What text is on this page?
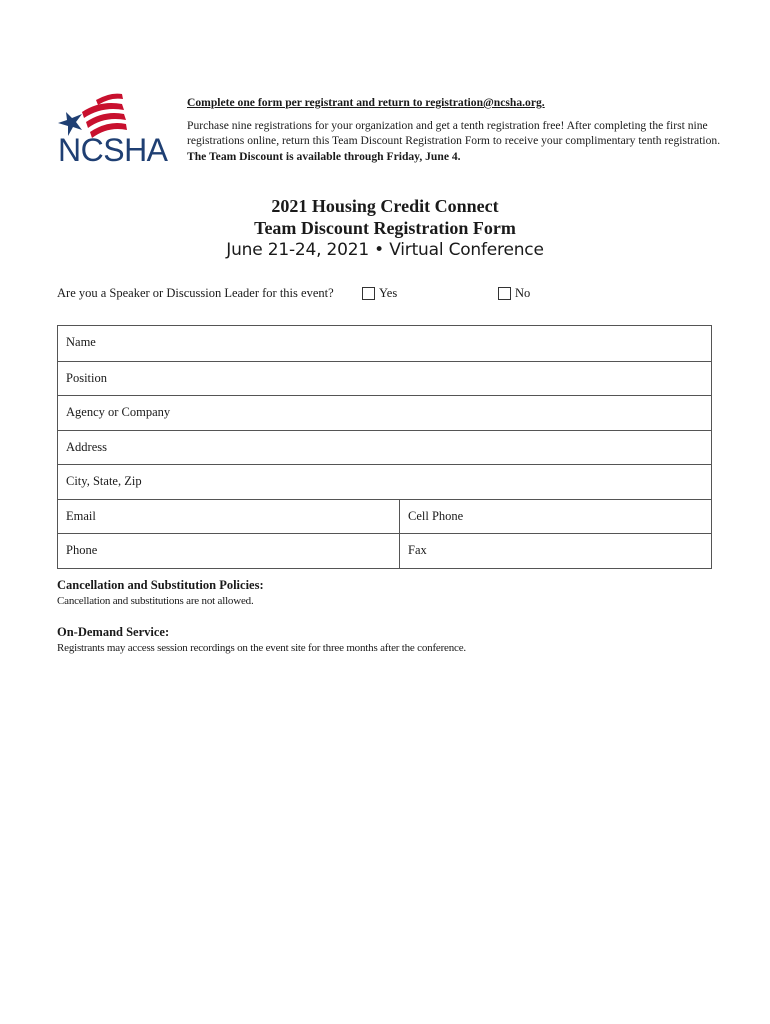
NCSHA

Complete one form per registrant and return to registration@ncsha.org.

Purchase nine registrations for your organization and get a tenth registration free! After completing the first nine registrations online, return this Team Discount Registration Form to receive your complimentary tenth registration. The Team Discount is available through Friday, June 4.

2021 Housing Credit Connect
Team Discount Registration Form
June 21-24, 2021 • Virtual Conference
Are you a Speaker or Discussion Leader for this event?	Yes	No
Name
Position
Agency or Company
Address
City, State, Zip
Email	Cell Phone
Phone	Fax
Cancellation and Substitution Policies:
Cancellation and substitutions are not allowed.
On-Demand Service:
Registrants may access session recordings on the event site for three months after the conference.
